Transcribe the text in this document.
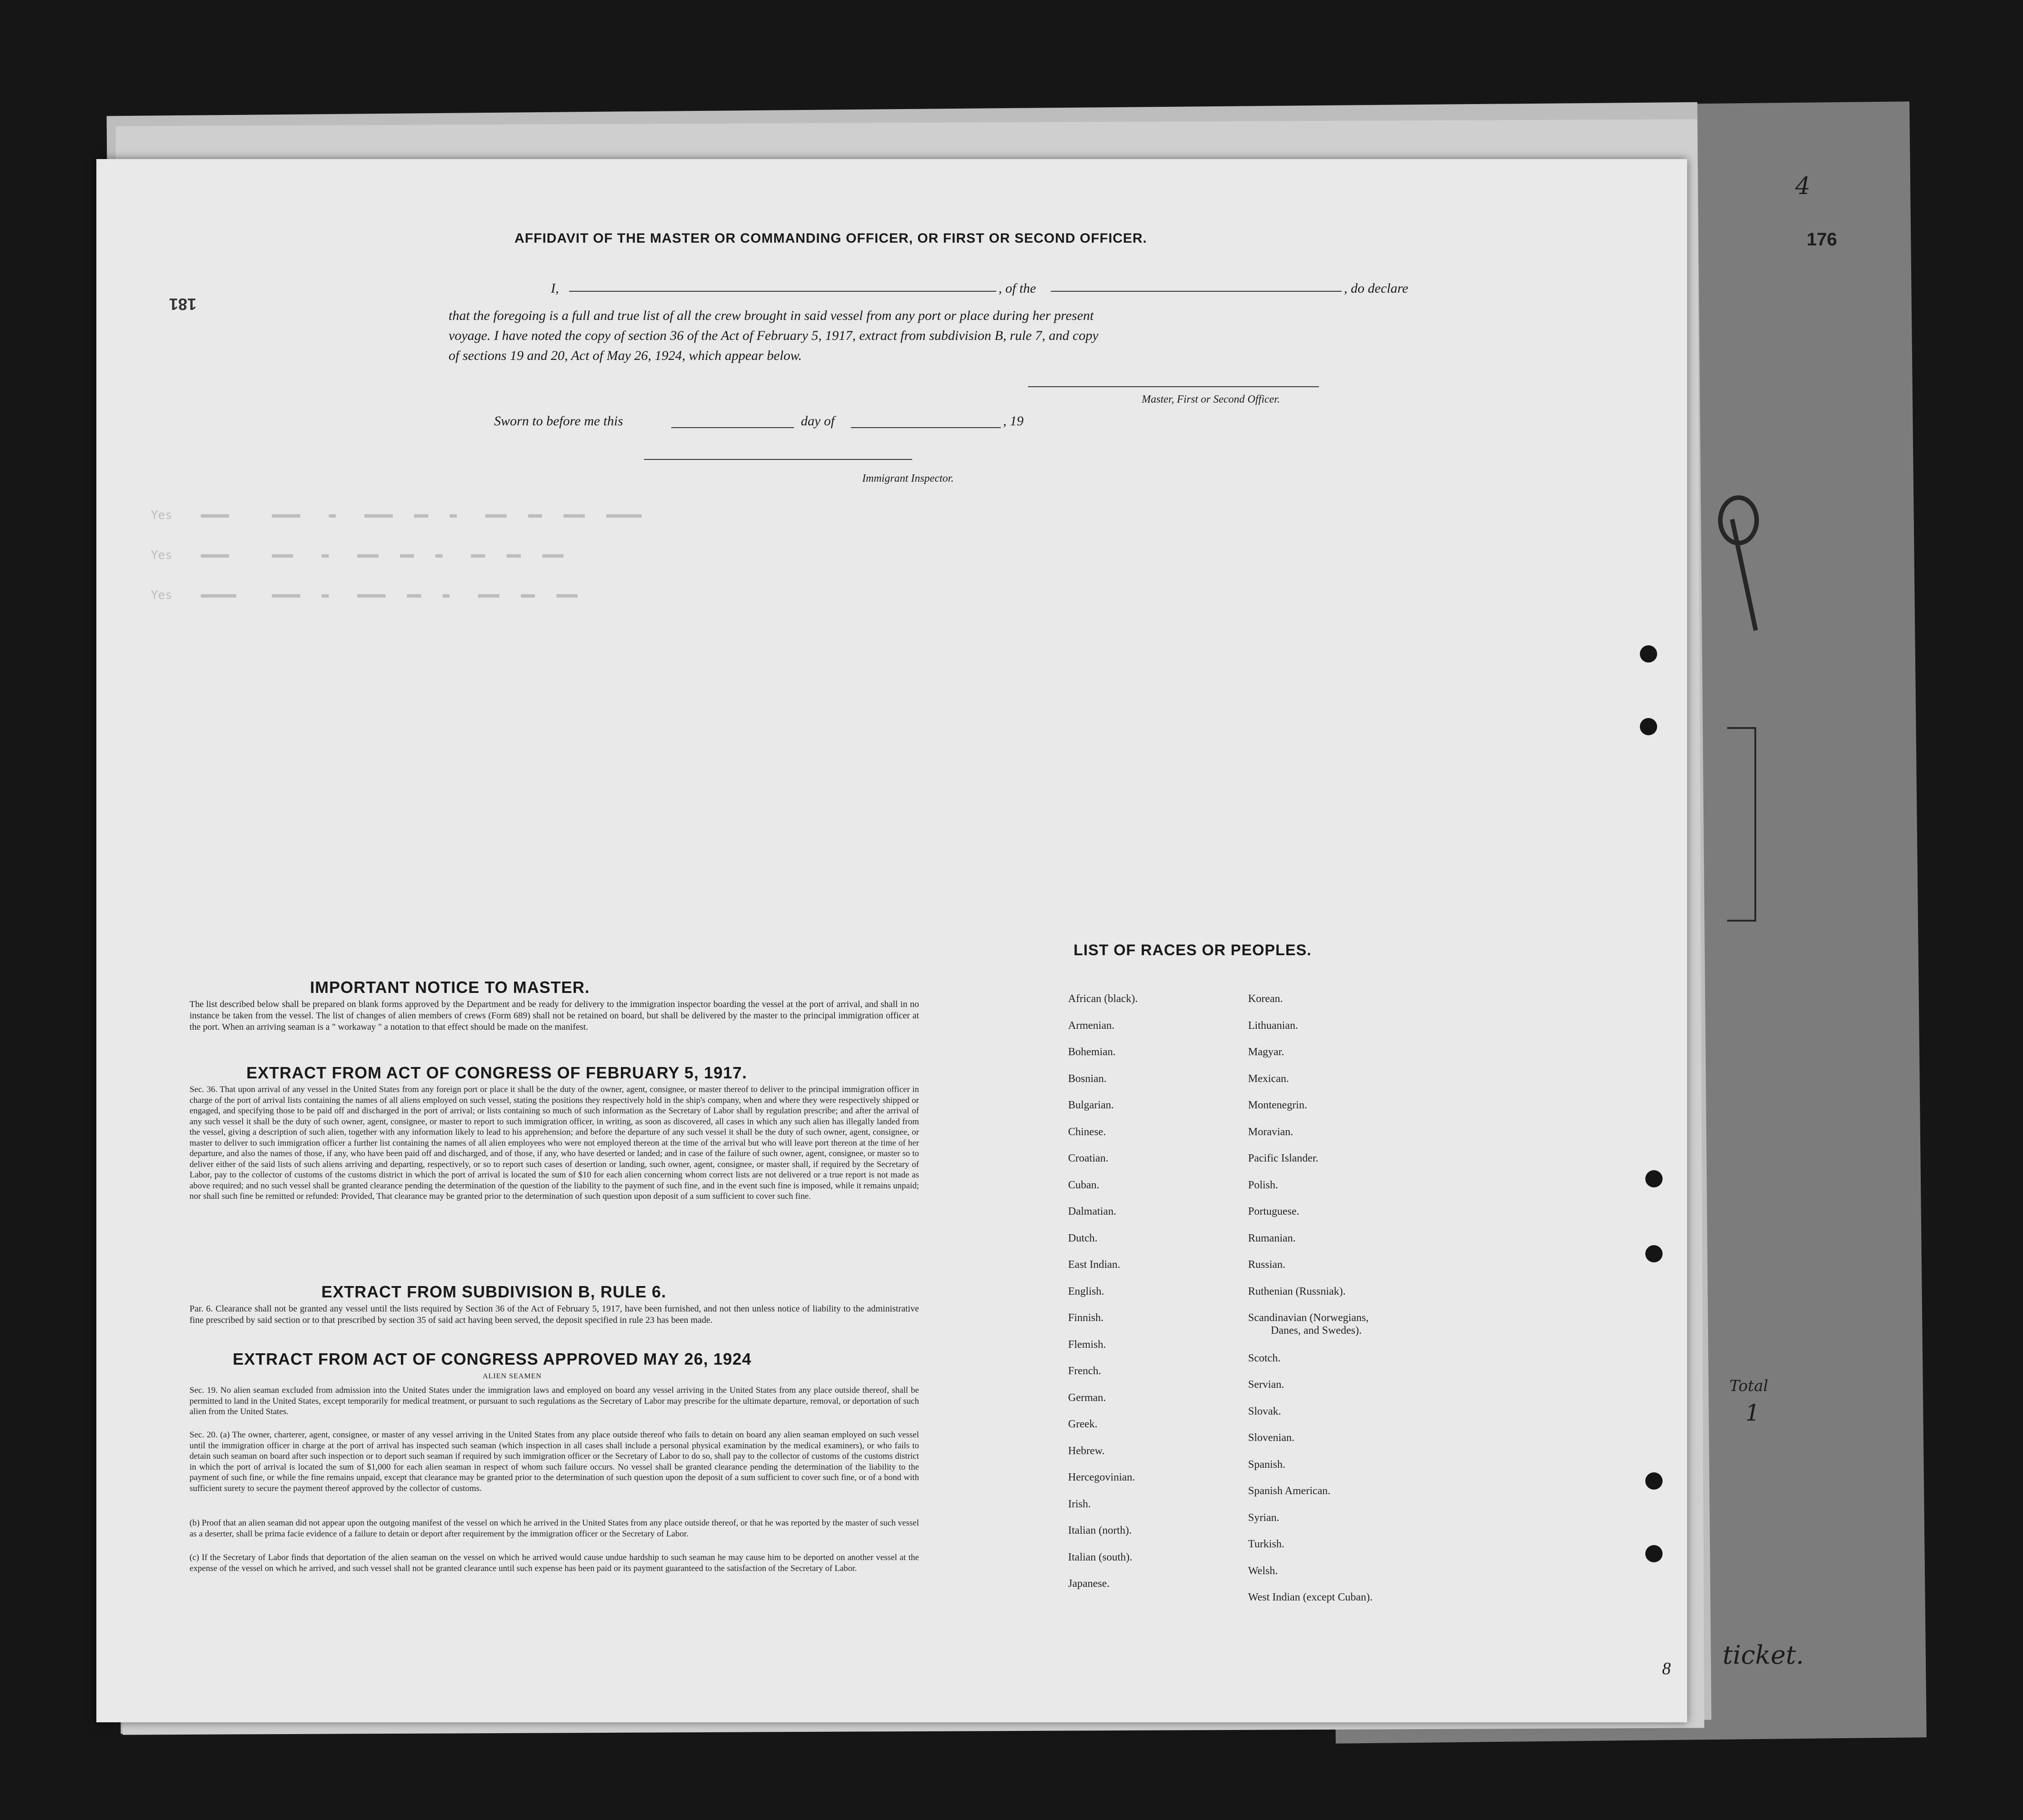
4
176
Total
1
ticket.
Yes    ▬▬▬▬      ▬▬▬▬    ▬    ▬▬▬▬   ▬▬   ▬    ▬▬▬   ▬▬   ▬▬▬   ▬▬▬▬▬
Yes    ▬▬▬▬      ▬▬▬    ▬    ▬▬▬   ▬▬   ▬    ▬▬   ▬▬   ▬▬▬
Yes    ▬▬▬▬▬     ▬▬▬▬   ▬    ▬▬▬▬   ▬▬   ▬    ▬▬▬   ▬▬   ▬▬▬
AFFIDAVIT OF THE MASTER OR COMMANDING OFFICER, OR FIRST OR SECOND OFFICER.
I,	, of the	, do declare
that the foregoing is a full and true list of all the crew brought in said vessel from any port or place during her present
voyage. I have noted the copy of section 36 of the Act of February 5, 1917, extract from subdivision B, rule 7, and copy
of sections 19 and 20, Act of May 26, 1924, which appear below.
Master, First or Second Officer.
Sworn to before me this	day of	, 19
Immigrant Inspector.
181
IMPORTANT NOTICE TO MASTER.
The list described below shall be prepared on blank forms approved by the Department and be ready for delivery to the immigration inspector boarding the vessel at the port of arrival, and shall in no instance be taken from the vessel. The list of changes of alien members of crews (Form 689) shall not be retained on board, but shall be delivered by the master to the principal immigration officer at the port. When an arriving seaman is a " workaway " a notation to that effect should be made on the manifest.
EXTRACT FROM ACT OF CONGRESS OF FEBRUARY 5, 1917.
Sec. 36. That upon arrival of any vessel in the United States from any foreign port or place it shall be the duty of the owner, agent, consignee, or master thereof to deliver to the principal immigration officer in charge of the port of arrival lists containing the names of all aliens employed on such vessel, stating the positions they respectively hold in the ship's company, when and where they were respectively shipped or engaged, and specifying those to be paid off and discharged in the port of arrival; or lists containing so much of such information as the Secretary of Labor shall by regulation prescribe; and after the arrival of any such vessel it shall be the duty of such owner, agent, consignee, or master to report to such immigration officer, in writing, as soon as discovered, all cases in which any such alien has illegally landed from the vessel, giving a description of such alien, together with any information likely to lead to his apprehension; and before the departure of any such vessel it shall be the duty of such owner, agent, consignee, or master to deliver to such immigration officer a further list containing the names of all alien employees who were not employed thereon at the time of the arrival but who will leave port thereon at the time of her departure, and also the names of those, if any, who have been paid off and discharged, and of those, if any, who have deserted or landed; and in case of the failure of such owner, agent, consignee, or master so to deliver either of the said lists of such aliens arriving and departing, respectively, or so to report such cases of desertion or landing, such owner, agent, consignee, or master shall, if required by the Secretary of Labor, pay to the collector of customs of the customs district in which the port of arrival is located the sum of $10 for each alien concerning whom correct lists are not delivered or a true report is not made as above required; and no such vessel shall be granted clearance pending the determination of the question of the liability to the payment of such fine, and in the event such fine is imposed, while it remains unpaid; nor shall such fine be remitted or refunded: Provided, That clearance may be granted prior to the determination of such question upon deposit of a sum sufficient to cover such fine.
EXTRACT FROM SUBDIVISION B, RULE 6.
Par. 6. Clearance shall not be granted any vessel until the lists required by Section 36 of the Act of February 5, 1917, have been furnished, and not then unless notice of liability to the administrative fine prescribed by said section or to that prescribed by section 35 of said act having been served, the deposit specified in rule 23 has been made.
EXTRACT FROM ACT OF CONGRESS APPROVED MAY 26, 1924
ALIEN SEAMEN
Sec. 19. No alien seaman excluded from admission into the United States under the immigration laws and employed on board any vessel arriving in the United States from any place outside thereof, shall be permitted to land in the United States, except temporarily for medical treatment, or pursuant to such regulations as the Secretary of Labor may prescribe for the ultimate departure, removal, or deportation of such alien from the United States.
Sec. 20. (a) The owner, charterer, agent, consignee, or master of any vessel arriving in the United States from any place outside thereof who fails to detain on board any alien seaman employed on such vessel until the immigration officer in charge at the port of arrival has inspected such seaman (which inspection in all cases shall include a personal physical examination by the medical examiners), or who fails to detain such seaman on board after such inspection or to deport such seaman if required by such immigration officer or the Secretary of Labor to do so, shall pay to the collector of customs of the customs district in which the port of arrival is located the sum of $1,000 for each alien seaman in respect of whom such failure occurs. No vessel shall be granted clearance pending the determination of the liability to the payment of such fine, or while the fine remains unpaid, except that clearance may be granted prior to the determination of such question upon the deposit of a sum sufficient to cover such fine, or of a bond with sufficient surety to secure the payment thereof approved by the collector of customs.
(b) Proof that an alien seaman did not appear upon the outgoing manifest of the vessel on which he arrived in the United States from any place outside thereof, or that he was reported by the master of such vessel as a deserter, shall be prima facie evidence of a failure to detain or deport after requirement by the immigration officer or the Secretary of Labor.
(c) If the Secretary of Labor finds that deportation of the alien seaman on the vessel on which he arrived would cause undue hardship to such seaman he may cause him to be deported on another vessel at the expense of the vessel on which he arrived, and such vessel shall not be granted clearance until such expense has been paid or its payment guaranteed to the satisfaction of the Secretary of Labor.
LIST OF RACES OR PEOPLES.
8
African (black).
Armenian.
Bohemian.
Bosnian.
Bulgarian.
Chinese.
Croatian.
Cuban.
Dalmatian.
Dutch.
East Indian.
English.
Finnish.
Flemish.
French.
German.
Greek.
Hebrew.
Hercegovinian.
Irish.
Italian (north).
Italian (south).
Japanese.
Korean.
Lithuanian.
Magyar.
Mexican.
Montenegrin.
Moravian.
Pacific Islander.
Polish.
Portuguese.
Rumanian.
Russian.
Ruthenian (Russniak).
Scandinavian (Norwegians,
Danes, and Swedes).
Scotch.
Servian.
Slovak.
Slovenian.
Spanish.
Spanish American.
Syrian.
Turkish.
Welsh.
West Indian (except Cuban).
